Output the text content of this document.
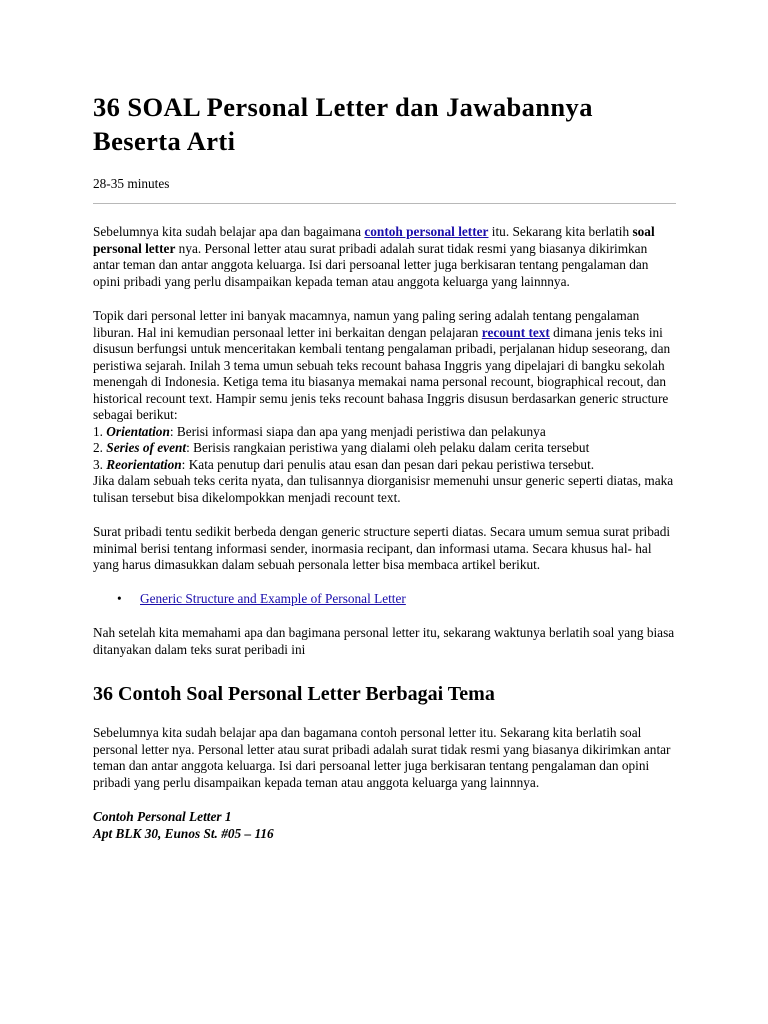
36 SOAL Personal Letter dan Jawabannya Beserta Arti
28-35 minutes

Sebelumnya kita sudah belajar apa dan bagaimana contoh personal letter itu. Sekarang kita berlatih soal personal letter nya. Personal letter atau surat pribadi adalah surat tidak resmi yang biasanya dikirimkan antar teman dan antar anggota keluarga. Isi dari persoanal letter juga berkisaran tentang pengalaman dan opini pribadi yang perlu disampaikan kepada teman atau anggota keluarga yang lainnnya.

Topik dari personal letter ini banyak macamnya, namun yang paling sering adalah tentang pengalaman liburan. Hal ini kemudian personaal letter ini berkaitan dengan pelajaran recount text dimana jenis teks ini disusun berfungsi untuk menceritakan kembali tentang pengalaman pribadi, perjalanan hidup seseorang, dan peristiwa sejarah. Inilah 3 tema umun sebuah teks recount bahasa Inggris yang dipelajari di bangku sekolah menengah di Indonesia. Ketiga tema itu biasanya memakai nama personal recount, biographical recout, dan historical recount text. Hampir semu jenis teks recount bahasa Inggris disusun berdasarkan generic structure sebagai berikut:
1. Orientation: Berisi informasi siapa dan apa yang menjadi peristiwa dan pelakunya
2. Series of event: Berisis rangkaian peristiwa yang dialami oleh pelaku dalam cerita tersebut
3. Reorientation: Kata penutup dari penulis atau esan dan pesan dari pekau peristiwa tersebut.
Jika dalam sebuah teks cerita nyata, dan tulisannya diorganisisr memenuhi unsur generic seperti diatas, maka tulisan tersebut bisa dikelompokkan menjadi recount text.

Surat pribadi tentu sedikit berbeda dengan generic structure seperti diatas. Secara umum semua surat pribadi minimal berisi tentang informasi sender, inormasia recipant, dan informasi utama. Secara khusus hal- hal yang harus dimasukkan dalam sebuah personala letter bisa membaca artikel berikut.

• Generic Structure and Example of Personal Letter

Nah setelah kita memahami apa dan bagimana personal letter itu, sekarang waktunya berlatih soal yang biasa ditanyakan dalam teks surat peribadi ini

36 Contoh Soal Personal Letter Berbagai Tema

Sebelumnya kita sudah belajar apa dan bagamana contoh personal letter itu. Sekarang kita berlatih soal personal letter nya. Personal letter atau surat pribadi adalah surat tidak resmi yang biasanya dikirimkan antar teman dan antar anggota keluarga. Isi dari persoanal letter juga berkisaran tentang pengalaman dan opini pribadi yang perlu disampaikan kepada teman atau anggota keluarga yang lainnnya.

Contoh Personal Letter 1
Apt BLK 30, Eunos St. #05 – 116
